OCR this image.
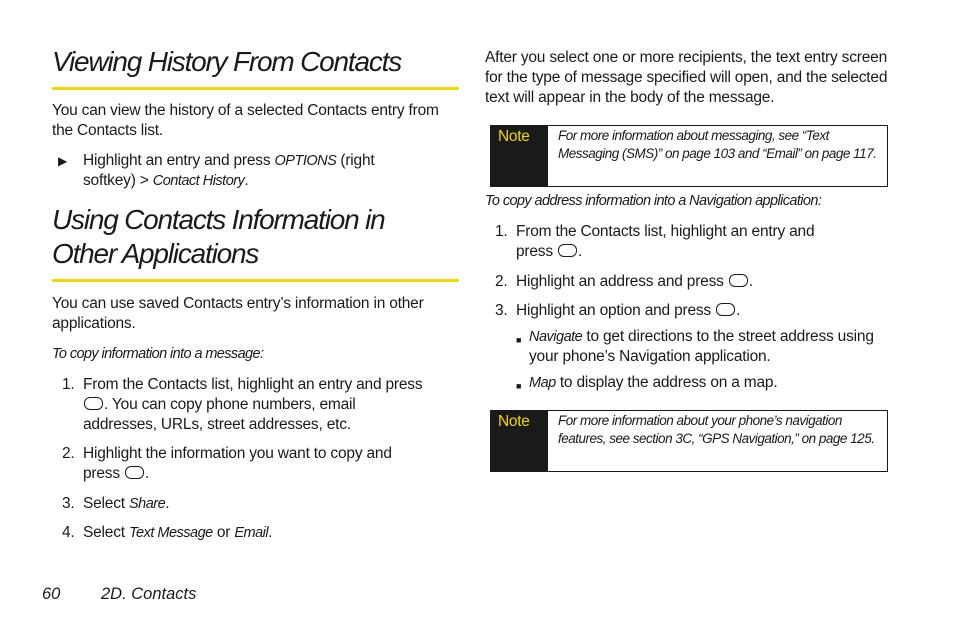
Viewing History From Contacts

You can view the history of a selected Contacts entry from the Contacts list.

▶	Highlight an entry and press OPTIONS (right softkey) > Contact History.

Using Contacts Information in Other Applications

You can use saved Contacts entry’s information in other applications.

To copy information into a message:

1. From the Contacts list, highlight an entry and press . You can copy phone numbers, email addresses, URLs, street addresses, etc.
2. Highlight the information you want to copy and press .
3. Select Share.
4. Select Text Message or Email.

After you select one or more recipients, the text entry screen for the type of message specified will open, and the selected text will appear in the body of the message.

Note	For more information about messaging, see “Text Messaging (SMS)” on page 103 and “Email” on page 117.

To copy address information into a Navigation application:

1. From the Contacts list, highlight an entry and press .
2. Highlight an address and press .
3. Highlight an option and press .
■ Navigate to get directions to the street address using your phone’s Navigation application.
■ Map to display the address on a map.
Note	For more information about your phone’s navigation features, see section 3C, “GPS Navigation,” on page 125.
60 2D. Contacts
